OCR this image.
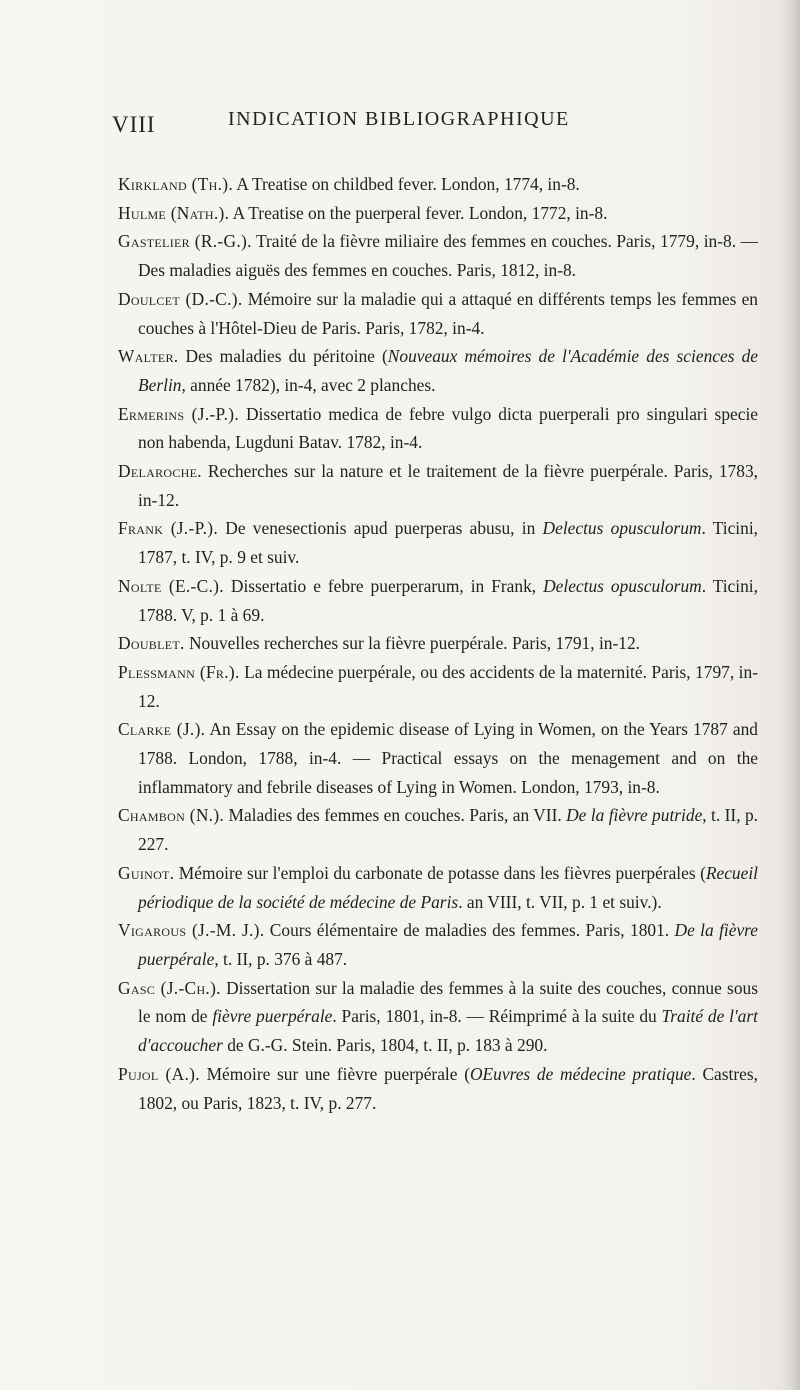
VIII	INDICATION BIBLIOGRAPHIQUE

Kirkland (Th.). A Treatise on childbed fever. London, 1774, in-8.

Hulme (Nath.). A Treatise on the puerperal fever. London, 1772, in-8.

Gastelier (R.-G.). Traité de la fièvre miliaire des femmes en couches. Paris, 1779, in-8. — Des maladies aiguës des femmes en couches. Paris, 1812, in-8.

Doulcet (D.-C.). Mémoire sur la maladie qui a attaqué en différents temps les femmes en couches à l'Hôtel-Dieu de Paris. Paris, 1782, in-4.

Walter. Des maladies du péritoine (Nouveaux mémoires de l'Académie des sciences de Berlin, année 1782), in-4, avec 2 planches.

Ermerins (J.-P.). Dissertatio medica de febre vulgo dicta puerperali pro singulari specie non habenda, Lugduni Batav. 1782, in-4.

Delaroche. Recherches sur la nature et le traitement de la fièvre puerpérale. Paris, 1783, in-12.

Frank (J.-P.). De venesectionis apud puerperas abusu, in Delectus opusculorum. Ticini, 1787, t. IV, p. 9 et suiv.

Nolte (E.-C.). Dissertatio e febre puerperarum, in Frank, Delectus opusculorum. Ticini, 1788. V, p. 1 à 69.

Doublet. Nouvelles recherches sur la fièvre puerpérale. Paris, 1791, in-12.

Plessmann (Fr.). La médecine puerpérale, ou des accidents de la maternité. Paris, 1797, in-12.

Clarke (J.). An Essay on the epidemic disease of Lying in Women, on the Years 1787 and 1788. London, 1788, in-4. — Practical essays on the menagement and on the inflammatory and febrile diseases of Lying in Women. London, 1793, in-8.

Chambon (N.). Maladies des femmes en couches. Paris, an VII. De la fièvre putride, t. II, p. 227.

Guinot. Mémoire sur l'emploi du carbonate de potasse dans les fièvres puerpérales (Recueil périodique de la société de médecine de Paris. an VIII, t. VII, p. 1 et suiv.).

Vigarous (J.-M. J.). Cours élémentaire de maladies des femmes. Paris, 1801. De la fièvre puerpérale, t. II, p. 376 à 487.

Gasc (J.-Ch.). Dissertation sur la maladie des femmes à la suite des couches, connue sous le nom de fièvre puerpérale. Paris, 1801, in-8. — Réimprimé à la suite du Traité de l'art d'accoucher de G.-G. Stein. Paris, 1804, t. II, p. 183 à 290.

Pujol (A.). Mémoire sur une fièvre puerpérale (OEuvres de médecine pratique. Castres, 1802, ou Paris, 1823, t. IV, p. 277.
